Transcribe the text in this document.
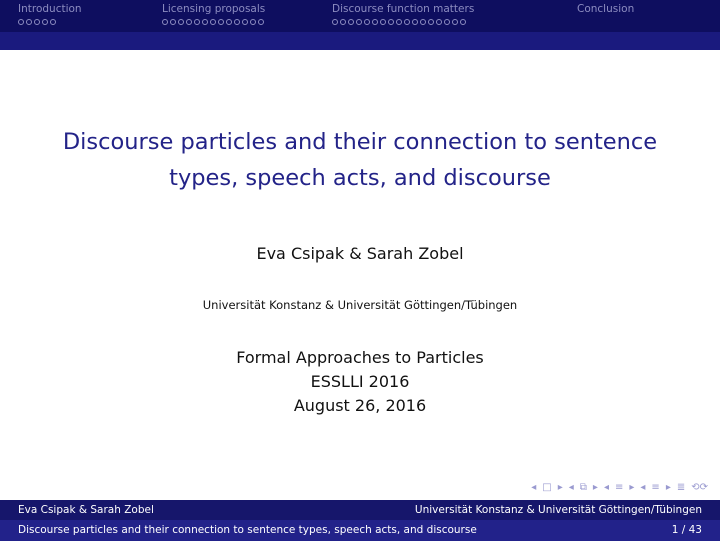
Introduction	Licensing proposals	Discourse function matters	Conclusion
Discourse particles and their connection to sentence
types, speech acts, and discourse
Eva Csipak & Sarah Zobel
Universität Konstanz & Universität Göttingen/Tübingen
Formal Approaches to Particles
ESSLLI 2016
August 26, 2016
◂ □ ▸ ◂ ⧉ ▸ ◂ ≡ ▸ ◂ ≡ ▸ ≣ ⟲⟳
Eva Csipak & Sarah Zobel	Universität Konstanz & Universität Göttingen/Tübingen
Discourse particles and their connection to sentence types, speech acts, and discourse	1 / 43
